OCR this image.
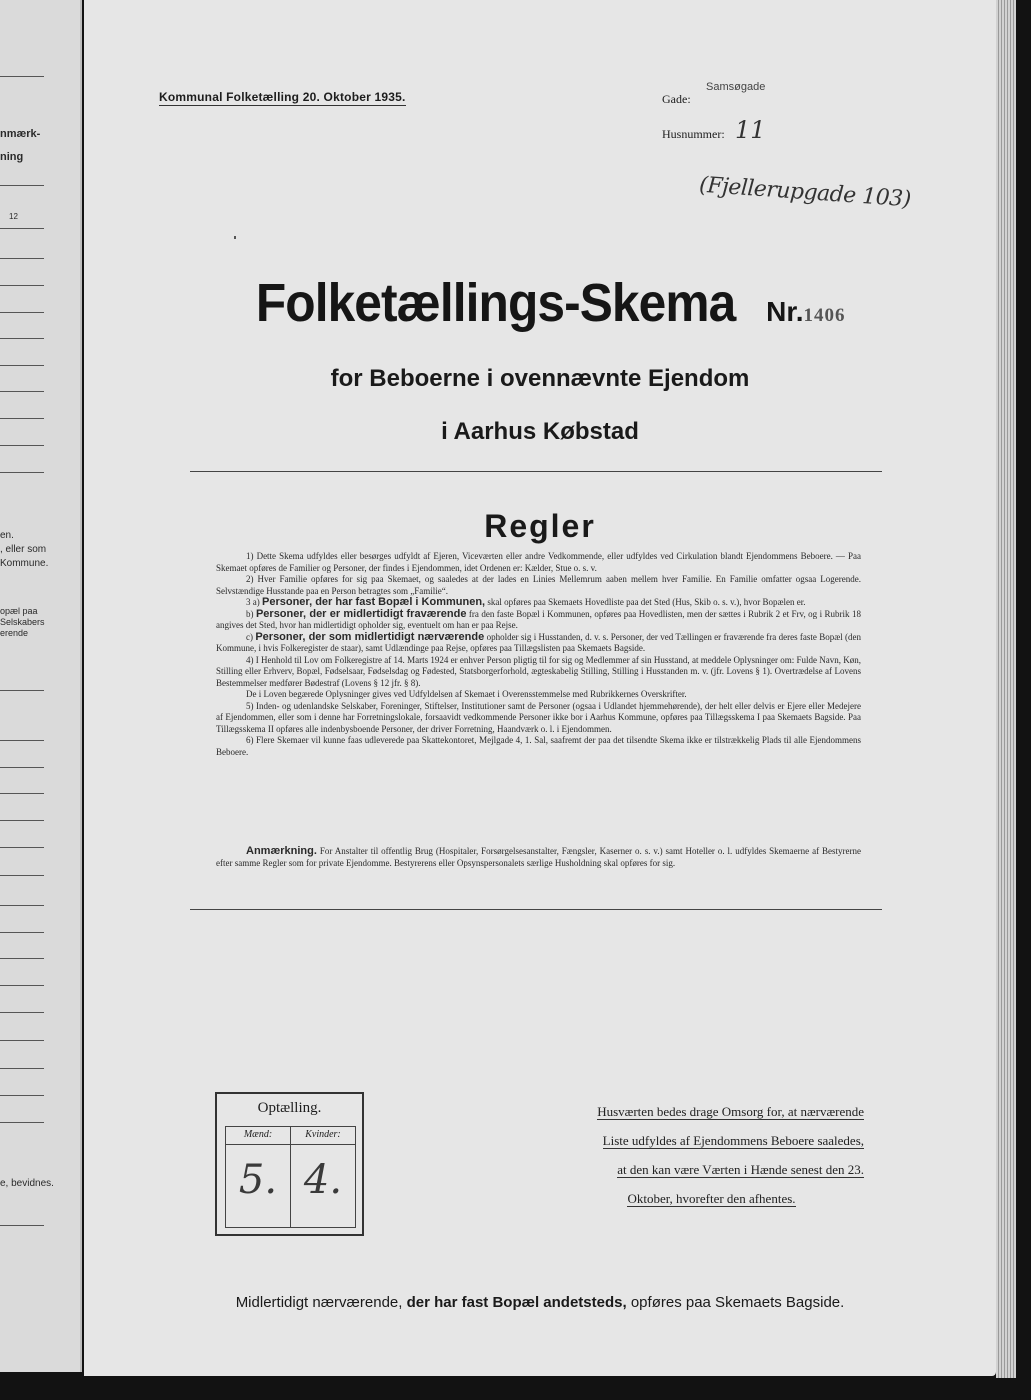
nmærk-
ning
12
en.
, eller som
Kommune.
opæl paa
Selskabers
erende
e, bevidnes.
Kommunal Folketælling 20. Oktober 1935.	Gade:
Samsøgade
Husnummer: 11
(Fjellerupgade 103)
Folketællings-Skema Nr.1406
for Beboerne i ovennævnte Ejendom
i Aarhus Købstad
Regler

1) Dette Skema udfyldes eller besørges udfyldt af Ejeren, Viceværten eller andre Vedkommende, eller udfyldes ved Cirkulation blandt Ejendommens Beboere. — Paa Skemaet opføres de Familier og Personer, der findes i Ejendommen, idet Ordenen er: Kælder, Stue o. s. v.

2) Hver Familie opføres for sig paa Skemaet, og saaledes at der lades en Linies Mellemrum aaben mellem hver Familie. En Familie omfatter ogsaa Logerende. Selvstændige Husstande paa en Person betragtes som „Familie“.

3 a) Personer, der har fast Bopæl i Kommunen, skal opføres paa Skemaets Hovedliste paa det Sted (Hus, Skib o. s. v.), hvor Bopælen er.

b) Personer, der er midlertidigt fraværende fra den faste Bopæl i Kommunen, opføres paa Hovedlisten, men der sættes i Rubrik 2 et Frv, og i Rubrik 18 angives det Sted, hvor han midlertidigt opholder sig, eventuelt om han er paa Rejse.

c) Personer, der som midlertidigt nærværende opholder sig i Husstanden, d. v. s. Personer, der ved Tællingen er fraværende fra deres faste Bopæl (den Kommune, i hvis Folkeregister de staar), samt Udlændinge paa Rejse, opføres paa Tillægslisten paa Skemaets Bagside.

4) I Henhold til Lov om Folkeregistre af 14. Marts 1924 er enhver Person pligtig til for sig og Medlemmer af sin Husstand, at meddele Oplysninger om: Fulde Navn, Køn, Stilling eller Erhverv, Bopæl, Fødselsaar, Fødselsdag og Fødested, Statsborgerforhold, ægteskabelig Stilling, Stilling i Husstanden m. v. (jfr. Lovens § 1). Overtrædelse af Lovens Bestemmelser medfører Bødestraf (Lovens § 12 jfr. § 8).

De i Loven begærede Oplysninger gives ved Udfyldelsen af Skemaet i Overensstemmelse med Rubrikkernes Overskrifter.

5) Inden- og udenlandske Selskaber, Foreninger, Stiftelser, Institutioner samt de Personer (ogsaa i Udlandet hjemmehørende), der helt eller delvis er Ejere eller Medejere af Ejendommen, eller som i denne har Forretningslokale, forsaavidt vedkommende Personer ikke bor i Aarhus Kommune, opføres paa Tillægsskema I paa Skemaets Bagside. Paa Tillægsskema II opføres alle indenbysboende Personer, der driver Forretning, Haandværk o. l. i Ejendommen.

6) Flere Skemaer vil kunne faas udleverede paa Skattekontoret, Mejlgade 4, 1. Sal, saafremt der paa det tilsendte Skema ikke er tilstrækkelig Plads til alle Ejendommens Beboere.

Anmærkning. For Anstalter til offentlig Brug (Hospitaler, Forsørgelsesanstalter, Fængsler, Kaserner o. s. v.) samt Hoteller o. l. udfyldes Skemaerne af Bestyrerne efter samme Regler som for private Ejendomme. Bestyrerens eller Opsynspersonalets særlige Husholdning skal opføres for sig.
Optælling.
Mænd:	Kvinder:
5. 4.
Husværten bedes drage Omsorg for, at nærværende
Liste udfyldes af Ejendommens Beboere saaledes,
at den kan være Værten i Hænde senest den 23.
Oktober, hvorefter den afhentes.
Midlertidigt nærværende, der har fast Bopæl andetsteds, opføres paa Skemaets Bagside.
